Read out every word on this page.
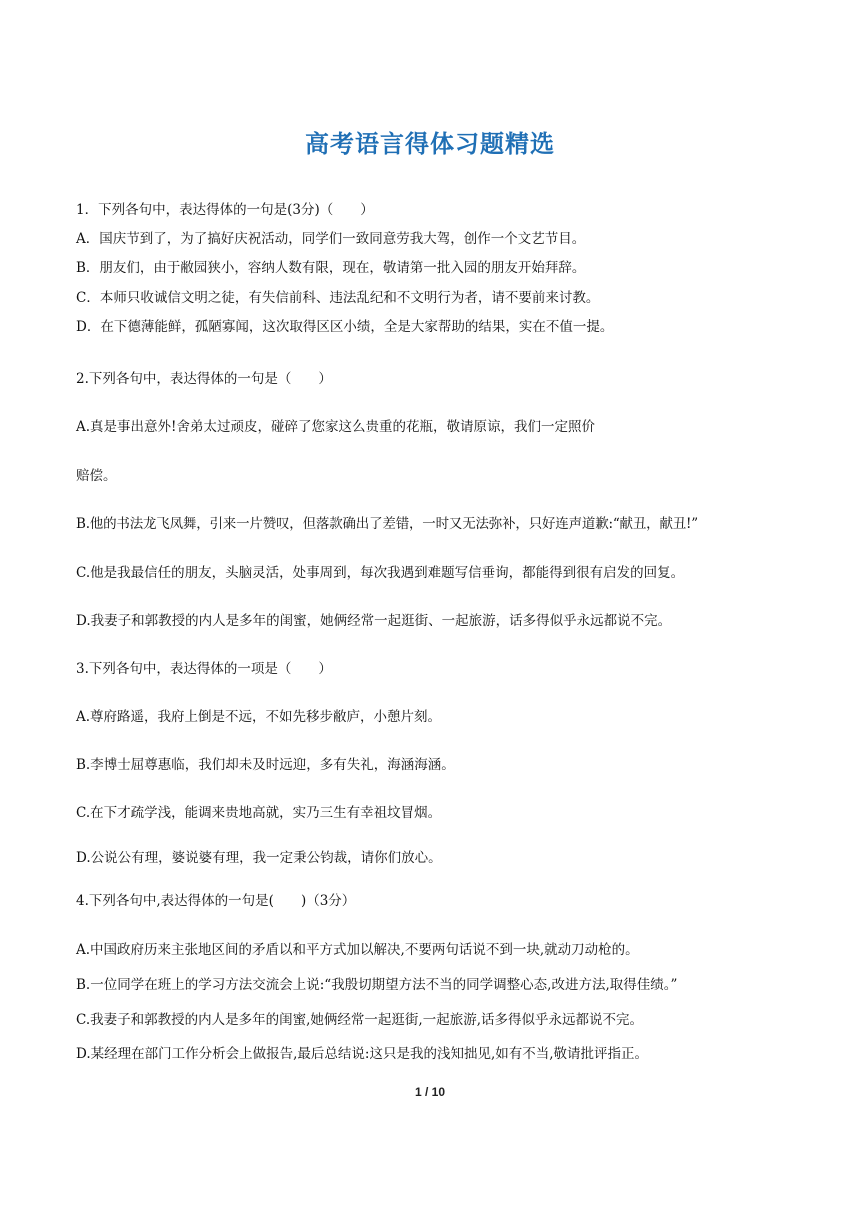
高考语言得体习题精选
1．下列各句中，表达得体的一句是(3分)（　　）
A．国庆节到了，为了搞好庆祝活动，同学们一致同意劳我大驾，创作一个文艺节目。
B．朋友们，由于敝园狭小，容纳人数有限，现在，敬请第一批入园的朋友开始拜辞。
C．本师只收诚信文明之徒，有失信前科、违法乱纪和不文明行为者，请不要前来讨教。
D．在下德薄能鲜，孤陋寡闻，这次取得区区小绩，全是大家帮助的结果，实在不值一提。
2.下列各句中，表达得体的一句是（　　）
A.真是事出意外!舍弟太过顽皮，碰碎了您家这么贵重的花瓶，敬请原谅，我们一定照价
赔偿。
B.他的书法龙飞凤舞，引来一片赞叹，但落款确出了差错，一时又无法弥补，只好连声道歉:“献丑，献丑!”
C.他是我最信任的朋友，头脑灵活，处事周到，每次我遇到难题写信垂询，都能得到很有启发的回复。
D.我妻子和郭教授的内人是多年的闺蜜，她俩经常一起逛街、一起旅游，话多得似乎永远都说不完。
3.下列各句中，表达得体的一项是（　　）
A.尊府路遥，我府上倒是不远，不如先移步敝庐，小憩片刻。
B.李博士屈尊惠临，我们却未及时远迎，多有失礼，海涵海涵。
C.在下才疏学浅，能调来贵地高就，实乃三生有幸祖坟冒烟。
D.公说公有理，婆说婆有理，我一定秉公钧裁，请你们放心。
4.下列各句中,表达得体的一句是(　　)（3分）
A.中国政府历来主张地区间的矛盾以和平方式加以解决,不要两句话说不到一块,就动刀动枪的。
B.一位同学在班上的学习方法交流会上说:“我殷切期望方法不当的同学调整心态,改进方法,取得佳绩。”
C.我妻子和郭教授的内人是多年的闺蜜,她俩经常一起逛街,一起旅游,话多得似乎永远都说不完。
D.某经理在部门工作分析会上做报告,最后总结说:这只是我的浅知拙见,如有不当,敬请批评指正。
1 / 10
